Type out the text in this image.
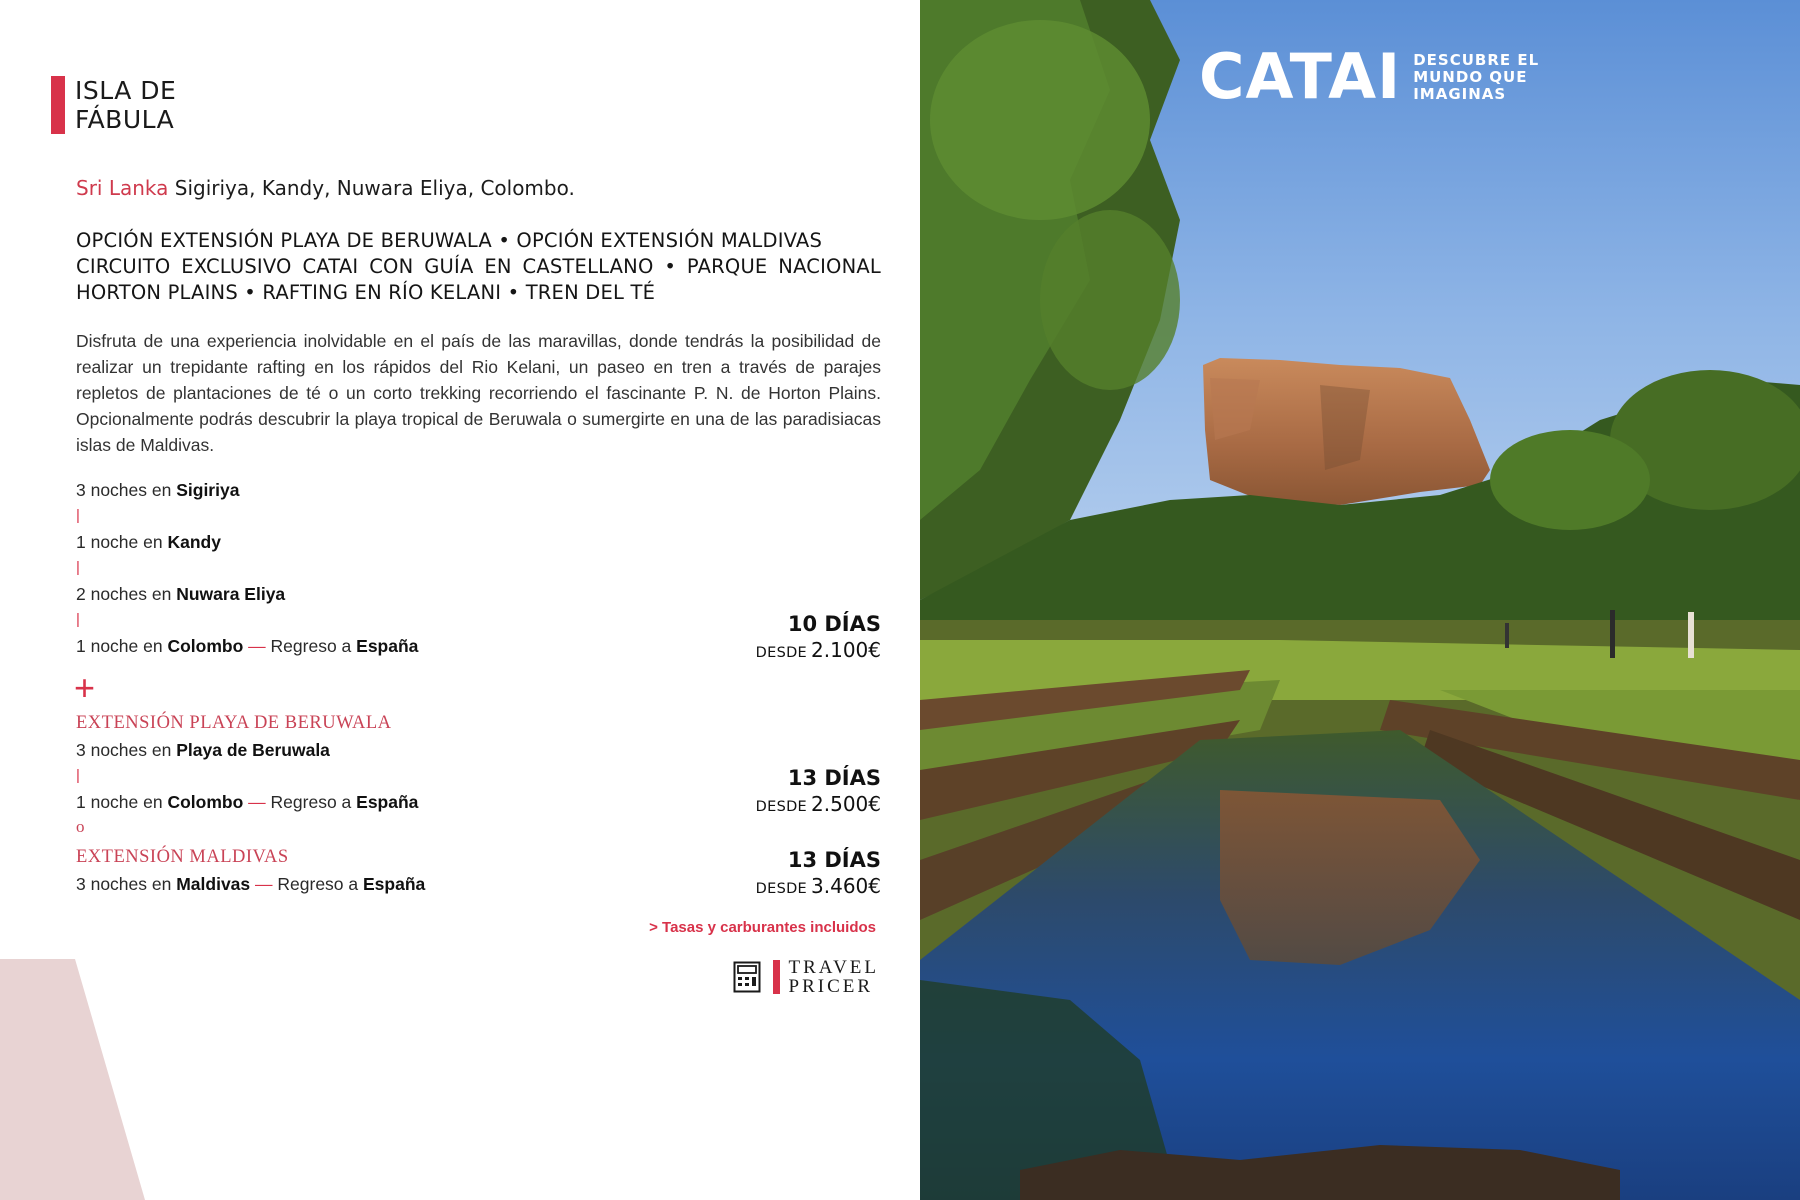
ISLA DE
FÁBULA
Sri Lanka Sigiriya, Kandy, Nuwara Eliya, Colombo.
OPCIÓN EXTENSIÓN PLAYA DE BERUWALA • OPCIÓN EXTENSIÓN MALDIVAS
CIRCUITO EXCLUSIVO CATAI CON GUÍA EN CASTELLANO • PARQUE NACIONAL
HORTON PLAINS • RAFTING EN RÍO KELANI • TREN DEL TÉ

Disfruta de una experiencia inolvidable en el país de las maravillas, donde tendrás la posibilidad de realizar un trepidante rafting en los rápidos del Rio Kelani, un paseo en tren a través de parajes repletos de plantaciones de té o un corto trekking recorriendo el fascinante P. N. de Horton Plains. Opcionalmente podrás descubrir la playa tropical de Beruwala o sumergirte en una de las paradisiacas islas de Maldivas.

3 noches en Sigiriya
|
1 noche en Kandy
|
2 noches en Nuwara Eliya
|
1 noche en Colombo — Regreso a España
+
EXTENSIÓN PLAYA DE BERUWALA
3 noches en Playa de Beruwala
|
1 noche en Colombo — Regreso a España
o
EXTENSIÓN MALDIVAS
3 noches en Maldivas — Regreso a España
10 DÍAS
DESDE 2.100€
13 DÍAS
DESDE 2.500€
13 DÍAS
DESDE 3.460€
> Tasas y carburantes incluidos
TRAVEL
PRICER
CATAI DESCUBRE EL
MUNDO QUE
IMAGINAS
